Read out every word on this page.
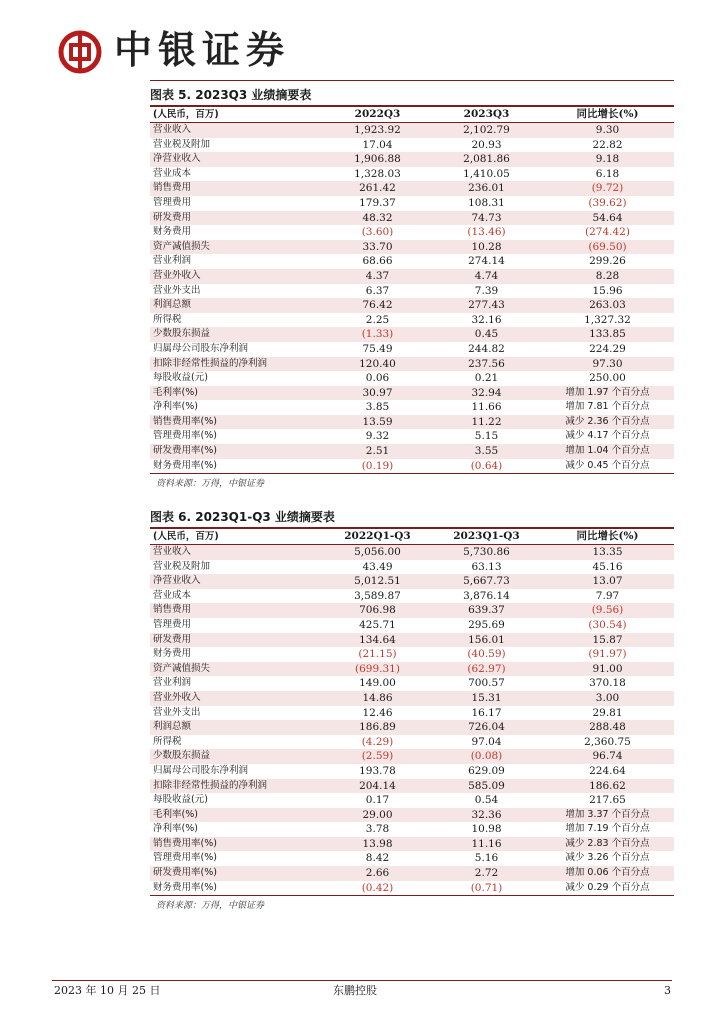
中银证券
图表 5. 2023Q3 业绩摘要表
(人民币，百万)	2022Q3	2023Q3	同比增长(%)
营业收入	1,923.92	2,102.79	9.30
营业税及附加	17.04	20.93	22.82
净营业收入	1,906.88	2,081.86	9.18
营业成本	1,328.03	1,410.05	6.18
销售费用	261.42	236.01	(9.72)
管理费用	179.37	108.31	(39.62)
研发费用	48.32	74.73	54.64
财务费用	(3.60)	(13.46)	(274.42)
资产减值损失	33.70	10.28	(69.50)
营业利润	68.66	274.14	299.26
营业外收入	4.37	4.74	8.28
营业外支出	6.37	7.39	15.96
利润总额	76.42	277.43	263.03
所得税	2.25	32.16	1,327.32
少数股东损益	(1.33)	0.45	133.85
归属母公司股东净利润	75.49	244.82	224.29
扣除非经常性损益的净利润	120.40	237.56	97.30
每股收益(元)	0.06	0.21	250.00
毛利率(%)	30.97	32.94	增加 1.97 个百分点
净利率(%)	3.85	11.66	增加 7.81 个百分点
销售费用率(%)	13.59	11.22	减少 2.36 个百分点
管理费用率(%)	9.32	5.15	减少 4.17 个百分点
研发费用率(%)	2.51	3.55	增加 1.04 个百分点
财务费用率(%)	(0.19)	(0.64)	减少 0.45 个百分点
资料来源：万得，中银证券
图表 6. 2023Q1-Q3 业绩摘要表
(人民币，百万)	2022Q1-Q3	2023Q1-Q3	同比增长(%)
营业收入	5,056.00	5,730.86	13.35
营业税及附加	43.49	63.13	45.16
净营业收入	5,012.51	5,667.73	13.07
营业成本	3,589.87	3,876.14	7.97
销售费用	706.98	639.37	(9.56)
管理费用	425.71	295.69	(30.54)
研发费用	134.64	156.01	15.87
财务费用	(21.15)	(40.59)	(91.97)
资产减值损失	(699.31)	(62.97)	91.00
营业利润	149.00	700.57	370.18
营业外收入	14.86	15.31	3.00
营业外支出	12.46	16.17	29.81
利润总额	186.89	726.04	288.48
所得税	(4.29)	97.04	2,360.75
少数股东损益	(2.59)	(0.08)	96.74
归属母公司股东净利润	193.78	629.09	224.64
扣除非经常性损益的净利润	204.14	585.09	186.62
每股收益(元)	0.17	0.54	217.65
毛利率(%)	29.00	32.36	增加 3.37 个百分点
净利率(%)	3.78	10.98	增加 7.19 个百分点
销售费用率(%)	13.98	11.16	减少 2.83 个百分点
管理费用率(%)	8.42	5.16	减少 3.26 个百分点
研发费用率(%)	2.66	2.72	增加 0.06 个百分点
财务费用率(%)	(0.42)	(0.71)	减少 0.29 个百分点
资料来源：万得，中银证券
2023 年 10 月 25 日	东鹏控股	3
